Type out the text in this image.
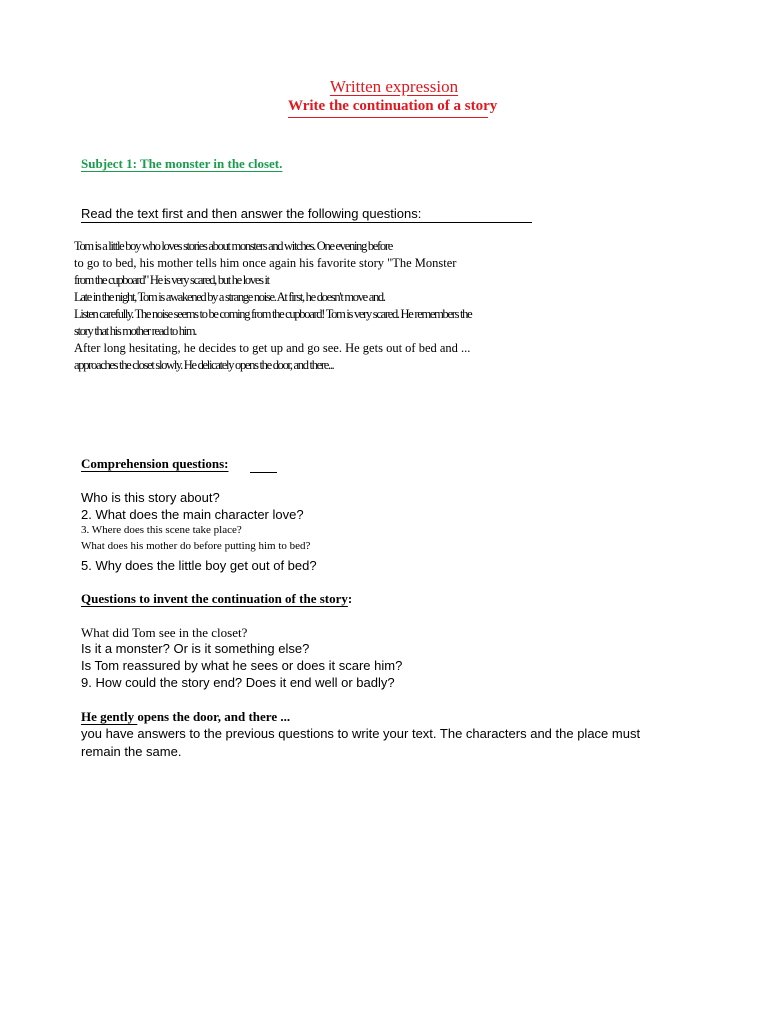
Written expression
Write the continuation of a story
Subject 1: The monster in the closet.
Read the text first and then answer the following questions:
Tom is a little boy who loves stories about monsters and witches. One evening before
to go to bed, his mother tells him once again his favorite story "The Monster
from the cupboard" He is very scared, but he loves it
Late in the night, Tom is awakened by a strange noise. At first, he doesn't move and.
Listen carefully. The noise seems to be coming from the cupboard! Tom is very scared. He remembers the
story that his mother read to him.
After long hesitating, he decides to get up and go see. He gets out of bed and ...
approaches the closet slowly. He delicately opens the door, and there...
Comprehension questions:
Who is this story about?
2. What does the main character love?
3. Where does this scene take place?
What does his mother do before putting him to bed?
5. Why does the little boy get out of bed?
Questions to invent the continuation of the story:
What did Tom see in the closet?
Is it a monster? Or is it something else?
Is Tom reassured by what he sees or does it scare him?
9. How could the story end? Does it end well or badly?
He gently opens the door, and there ...
you have answers to the previous questions to write your text. The characters and the place must remain the same.
